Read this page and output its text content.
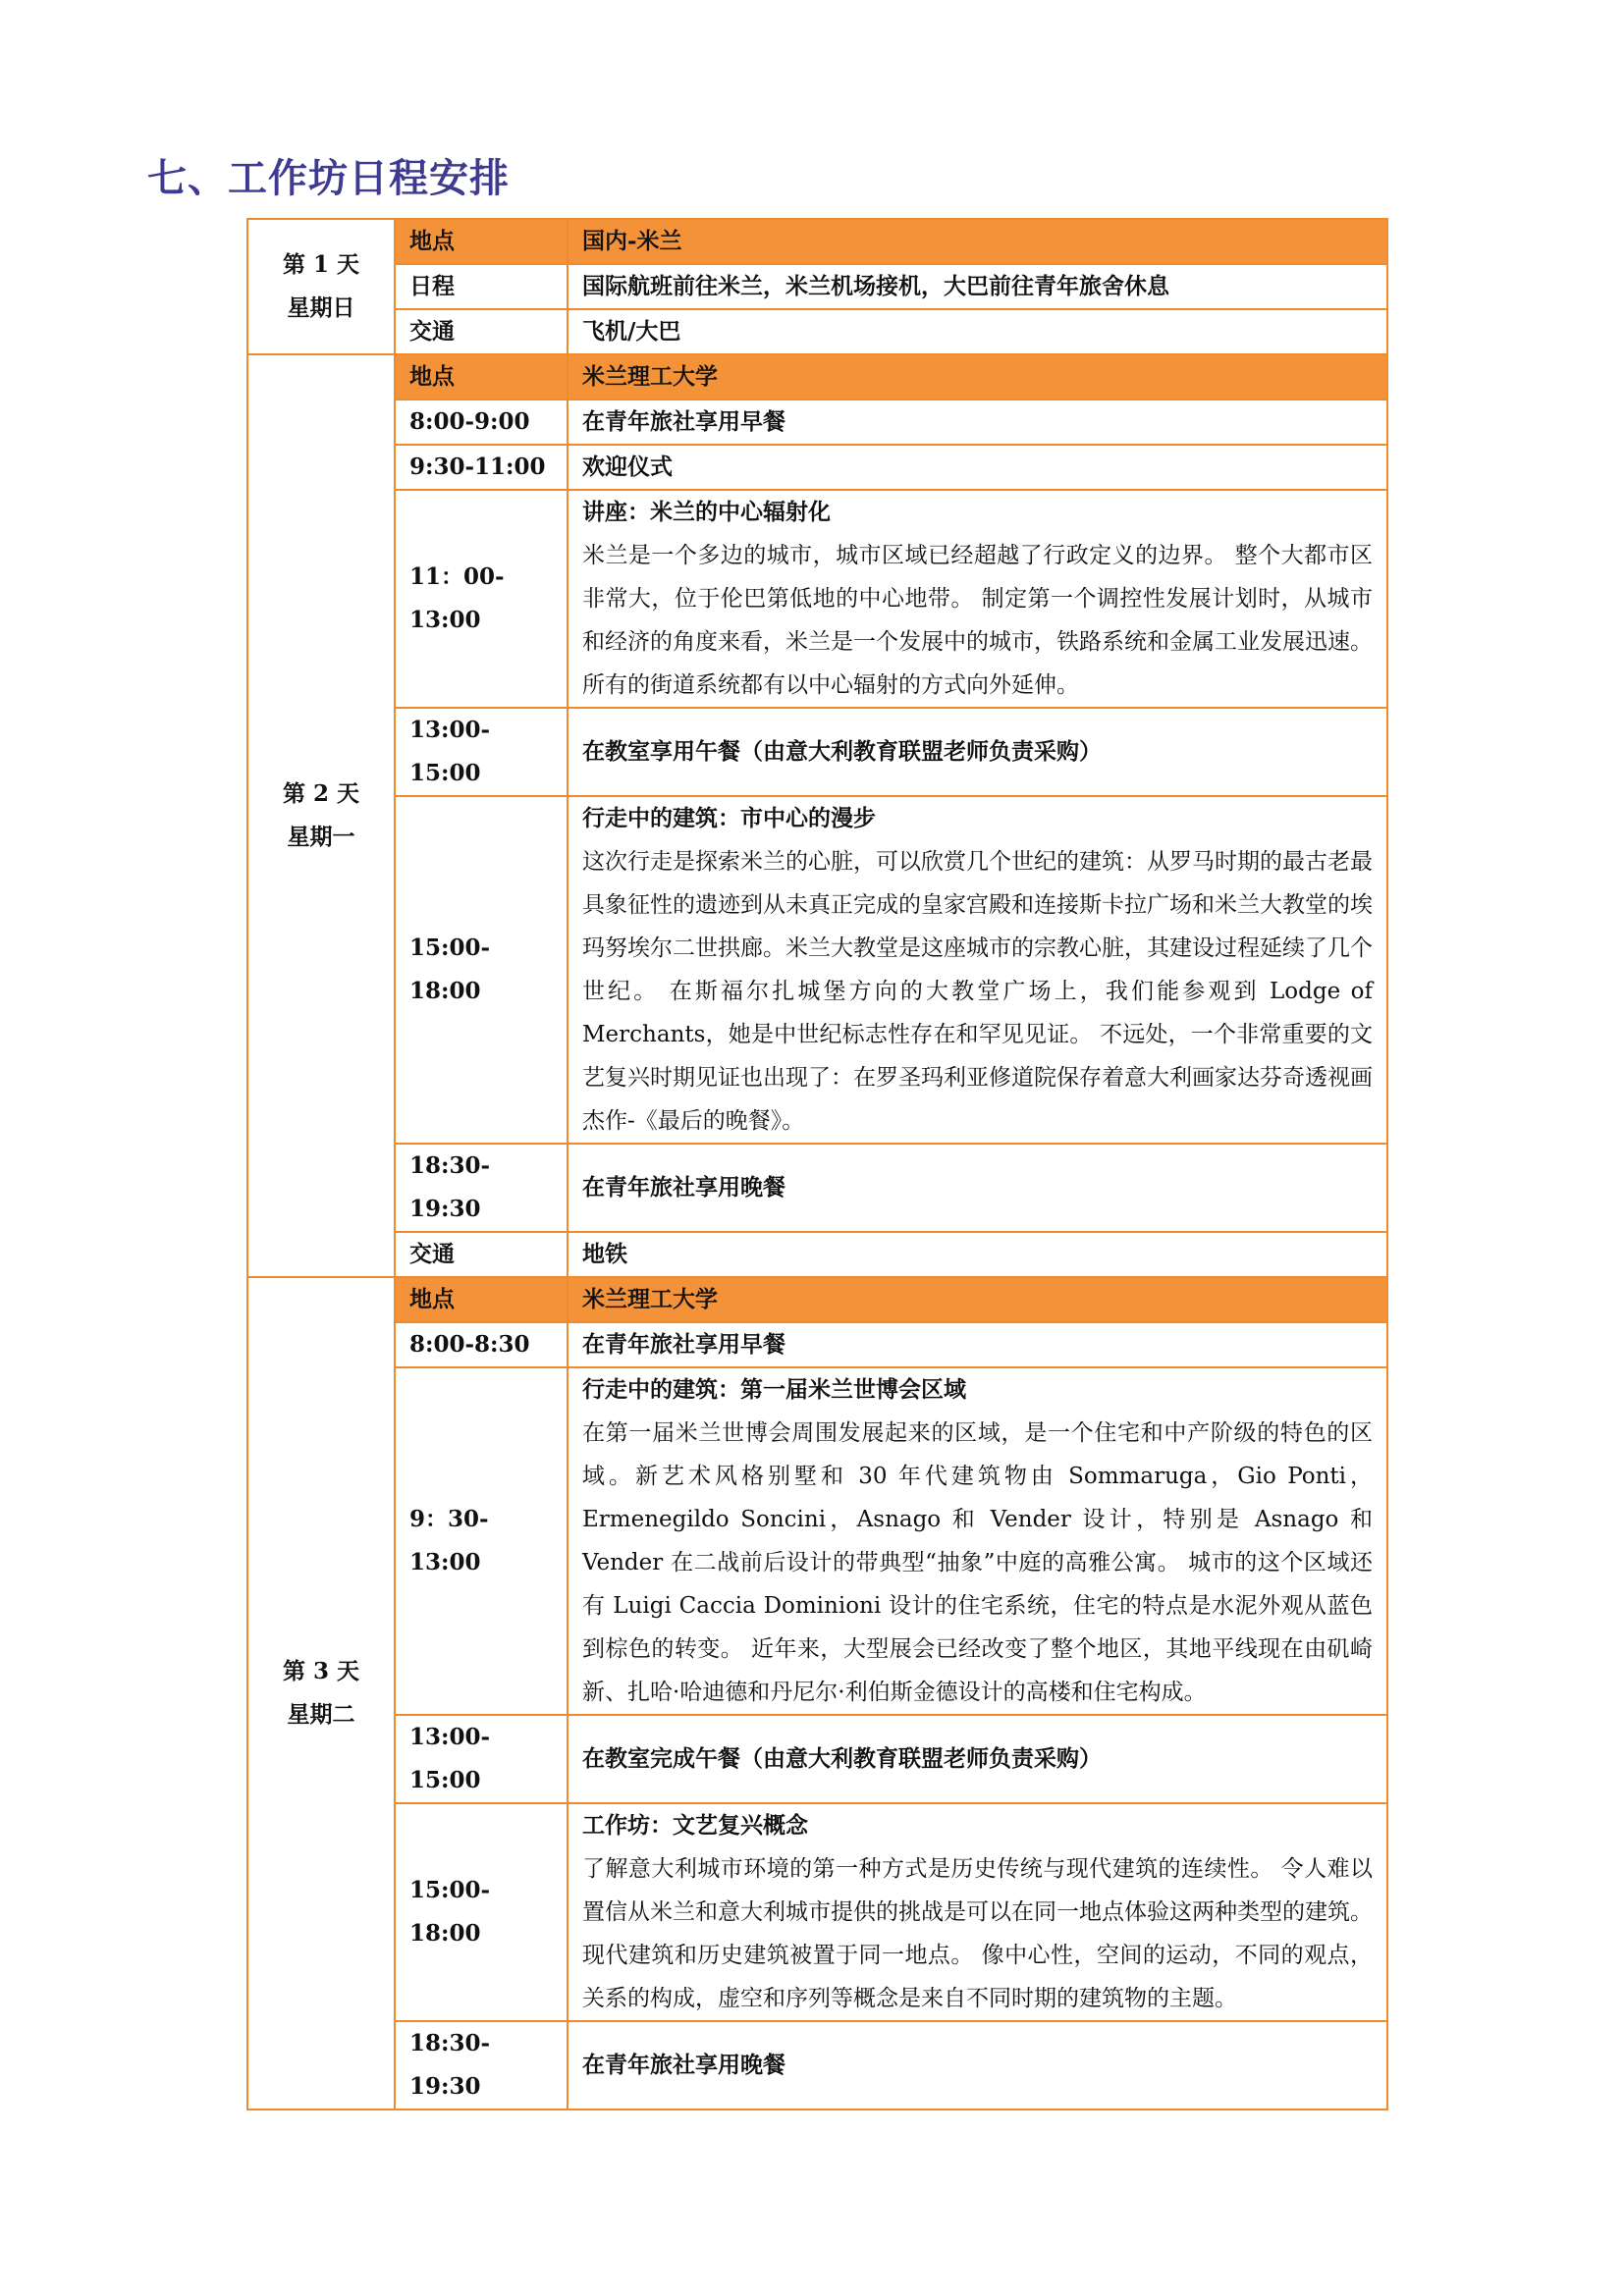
七、工作坊日程安排
第 1 天
星期日	地点	国内-米兰
	日程	国际航班前往米兰，米兰机场接机，大巴前往青年旅舍休息

	交通	飞机/大巴

第 2 天
星期一	地点	米兰理工大学
	8:00-9:00	在青年旅社享用早餐

	9:30-11:00	欢迎仪式

	11：00-13:00	讲座：米兰的中心辐射化
米兰是一个多边的城市，城市区域已经超越了行政定义的边界。 整个大都市区非常大，位于伦巴第低地的中心地带。 制定第一个调控性发展计划时，从城市和经济的角度来看，米兰是一个发展中的城市，铁路系统和金属工业发展迅速。所有的街道系统都有以中心辐射的方式向外延伸。

	13:00-15:00	在教室享用午餐（由意大利教育联盟老师负责采购）

	15:00-18:00	行走中的建筑：市中心的漫步
这次行走是探索米兰的心脏，可以欣赏几个世纪的建筑：从罗马时期的最古老最具象征性的遗迹到从未真正完成的皇家宫殿和连接斯卡拉广场和米兰大教堂的埃玛努埃尔二世拱廊。米兰大教堂是这座城市的宗教心脏，其建设过程延续了几个世纪。 在斯福尔扎城堡方向的大教堂广场上，我们能参观到 Lodge of Merchants，她是中世纪标志性存在和罕见见证。 不远处，一个非常重要的文艺复兴时期见证也出现了：在罗圣玛利亚修道院保存着意大利画家达芬奇透视画杰作-《最后的晚餐》。

	18:30-19:30	在青年旅社享用晚餐

	交通	地铁

第 3 天
星期二	地点	米兰理工大学
	8:00-8:30	在青年旅社享用早餐

	9：30-13:00	行走中的建筑：第一届米兰世博会区域
在第一届米兰世博会周围发展起来的区域，是一个住宅和中产阶级的特色的区域。新艺术风格别墅和 30 年代建筑物由 Sommaruga，Gio Ponti，Ermenegildo Soncini，Asnago 和 Vender 设计，特别是 Asnago 和 Vender 在二战前后设计的带典型“抽象”中庭的高雅公寓。 城市的这个区域还有 Luigi Caccia Dominioni 设计的住宅系统，住宅的特点是水泥外观从蓝色到棕色的转变。 近年来，大型展会已经改变了整个地区，其地平线现在由矶崎新、扎哈·哈迪德和丹尼尔·利伯斯金德设计的高楼和住宅构成。

	13:00-15:00	在教室完成午餐（由意大利教育联盟老师负责采购）

	15:00-18:00	工作坊：文艺复兴概念
了解意大利城市环境的第一种方式是历史传统与现代建筑的连续性。 令人难以置信从米兰和意大利城市提供的挑战是可以在同一地点体验这两种类型的建筑。 现代建筑和历史建筑被置于同一地点。 像中心性，空间的运动，不同的观点，关系的构成，虚空和序列等概念是来自不同时期的建筑物的主题。

	18:30-19:30	在青年旅社享用晚餐
